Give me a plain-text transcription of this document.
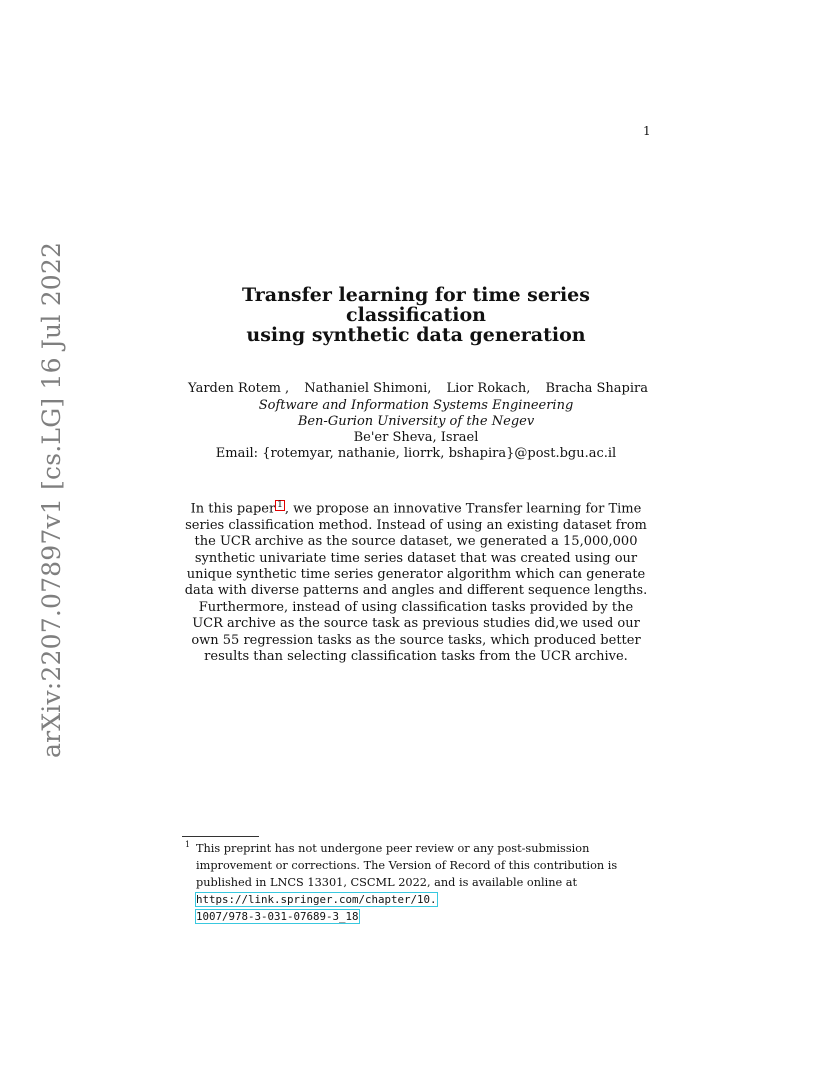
1
arXiv:2207.07897v1 [cs.LG] 16 Jul 2022	Transfer learning for time series classification
using synthetic data generation
Yarden Rotem , Nathaniel Shimoni, Lior Rokach, Bracha Shapira
Software and Information Systems Engineering
Ben-Gurion University of the Negev
Be'er Sheva, Israel
Email: {rotemyar, nathanie, liorrk, bshapira}@post.bgu.ac.il
In this paper 1 , we propose an innovative Transfer learning for Time series classification method. Instead of using an existing dataset from the UCR archive as the source dataset, we generated a 15,000,000 synthetic univariate time series dataset that was created using our unique synthetic time series generator algorithm which can generate data with diverse patterns and angles and different sequence lengths. Furthermore, instead of using classification tasks provided by the UCR archive as the source task as previous studies did,we used our own 55 regression tasks as the source tasks, which produced better results than selecting classification tasks from the UCR archive.
1 This preprint has not undergone peer review or any post-submission improvement or corrections. The Version of Record of this contribution is published in LNCS 13301, CSCML 2022, and is available online at https://link.springer.com/chapter/10.
1007/978-3-031-07689-3_18
